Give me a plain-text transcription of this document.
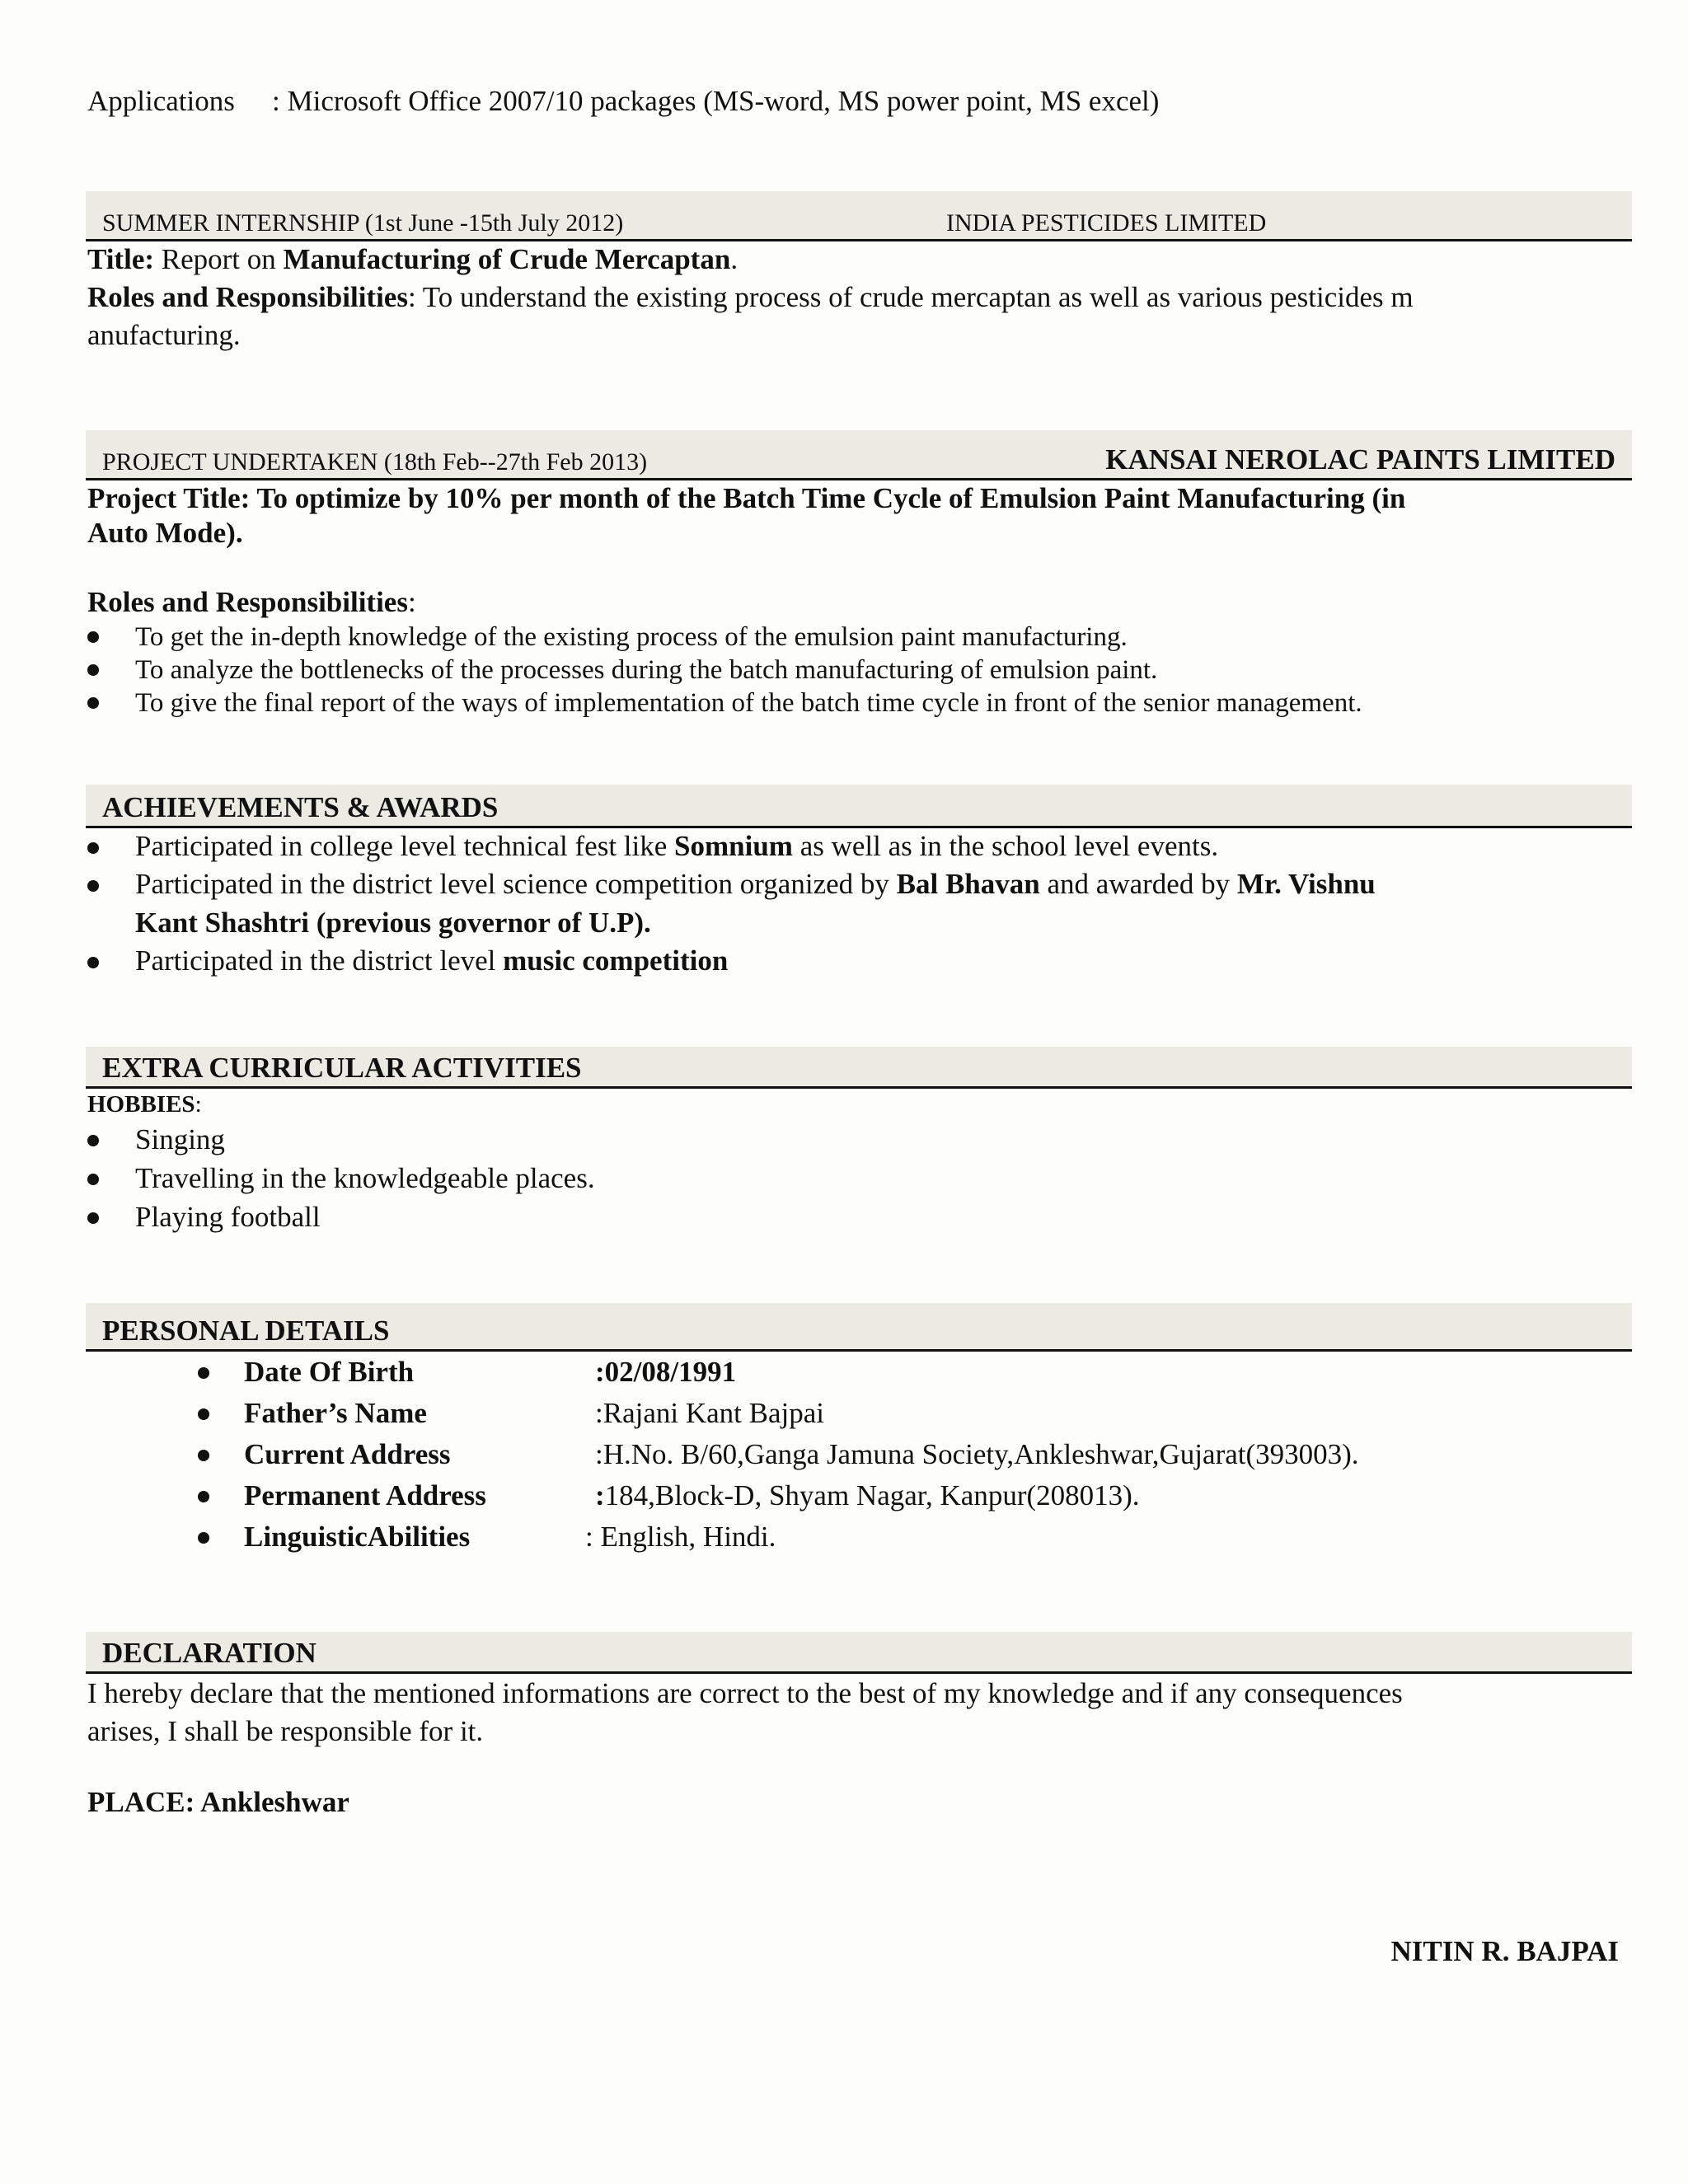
Applications : Microsoft Office 2007/10 packages (MS-word, MS power point, MS excel)
SUMMER INTERNSHIP (1st June -15th July 2012)	INDIA PESTICIDES LIMITED
Title: Report on Manufacturing of Crude Mercaptan.
Roles and Responsibilities: To understand the existing process of crude mercaptan as well as various pesticides m
anufacturing.
PROJECT UNDERTAKEN (18th Feb--27th Feb 2013)	KANSAI NEROLAC PAINTS LIMITED
Project Title: To optimize by 10% per month of the Batch Time Cycle of Emulsion Paint Manufacturing (in
Auto Mode).
Roles and Responsibilities:
To get the in-depth knowledge of the existing process of the emulsion paint manufacturing.
To analyze the bottlenecks of the processes during the batch manufacturing of emulsion paint.
To give the final report of the ways of implementation of the batch time cycle in front of the senior management.
ACHIEVEMENTS & AWARDS
Participated in college level technical fest like Somnium as well as in the school level events.
Participated in the district level science competition organized by Bal Bhavan and awarded by Mr. Vishnu
Kant Shashtri (previous governor of U.P).
Participated in the district level music competition
EXTRA CURRICULAR ACTIVITIES
HOBBIES:
Singing
Travelling in the knowledgeable places.
Playing football
PERSONAL DETAILS
Date Of Birth	:02/08/1991
Father’s Name	:Rajani Kant Bajpai
Current Address	:H.No. B/60,Ganga Jamuna Society,Ankleshwar,Gujarat(393003).
Permanent Address	:184,Block-D, Shyam Nagar, Kanpur(208013).
LinguisticAbilities	: English, Hindi.
DECLARATION
I hereby declare that the mentioned informations are correct to the best of my knowledge and if any consequences
arises, I shall be responsible for it.
PLACE: Ankleshwar
NITIN R. BAJPAI
